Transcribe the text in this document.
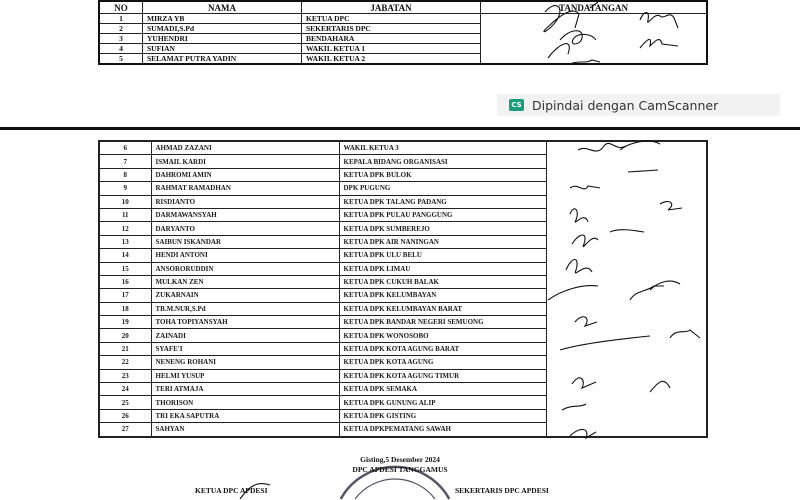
NO	NAMA	JABATAN	TANDATANGAN
1	MIRZA YB	KETUA DPC	
2	SUMADI,S.Pd	SEKERTARIS DPC	
3	YUHENDRI	BENDAHARA	
4	SUFIAN	WAKIL KETUA 1	
5	SELAMAT PUTRA YADIN	WAKIL KETUA 2	
CS Dipindai dengan CamScanner
6	AHMAD ZAZANI	WAKIL KETUA 3	
7	ISMAIL KARDI	KEPALA BIDANG ORGANISASI	
8	DAHROMI AMIN	KETUA DPK BULOK	
9	RAHMAT RAMADHAN	DPK PUGUNG	
10	RISDIANTO	KETUA DPK TALANG PADANG	
11	DARMAWANSYAH	KETUA DPK PULAU PANGGUNG	
12	DARYANTO	KETUA DPK SUMBEREJO	
13	SAIBUN ISKANDAR	KETUA DPK AIR NANINGAN	
14	HENDI ANTONI	KETUA DPK ULU BELU	
15	ANSORORUDDIN	KETUA DPK LIMAU	
16	MULKAN ZEN	KETUA DPK CUKUH BALAK	
17	ZUKARNAIN	KETUA DPK KELUMBAYAN	
18	TB.M.NUR,S.Pd	KETUA DPK KELUMBAYAN BARAT	
19	TOHA TOPIYANSYAH	KETUA DPK BANDAR NEGERI SEMUONG	
20	ZAINADI	KETUA DPK WONOSOBO	
21	SYAFE'I	KETUA DPK KOTA AGUNG BARAT	
22	NENENG ROHANI	KETUA DPK KOTA AGUNG	
23	HELMI YUSUP	KETUA DPK KOTA AGUNG TIMUR	
24	TERI ATMAJA	KETUA DPK SEMAKA	
25	THORISON	KETUA DPK GUNUNG ALIP	
26	TRI EKA SAPUTRA	KETUA DPK GISTING	
27	SAHYAN	KETUA DPKPEMATANG SAWAH	
Gisting,5 Desember 2024
DPC APDESI TANGGAMUS
KETUA DPC APDESI	SEKERTARIS DPC APDESI
